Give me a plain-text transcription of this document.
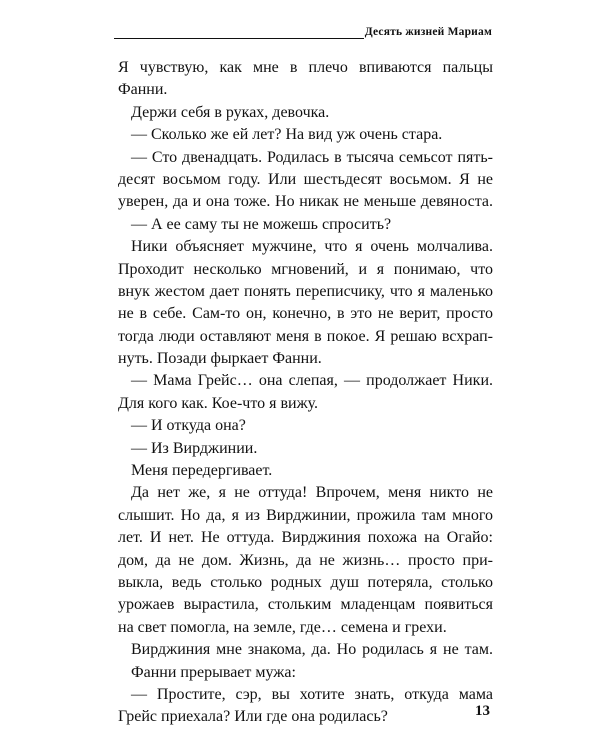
Десять жизней Мариам
Я чувствую, как мне в плечо впиваются пальцы
Фанни.
Держи себя в руках, девочка.
— Сколько же ей лет? На вид уж очень стара.
— Сто двенадцать. Родилась в тысяча семьсот пять-
десят восьмом году. Или шестьдесят восьмом. Я не
уверен, да и она тоже. Но никак не меньше девяноста.
— А ее саму ты не можешь спросить?
Ники объясняет мужчине, что я очень молчалива.
Проходит несколько мгновений, и я понимаю, что
внук жестом дает понять переписчику, что я маленько
не в себе. Сам-то он, конечно, в это не верит, просто
тогда люди оставляют меня в покое. Я решаю всхрап-
нуть. Позади фыркает Фанни.
— Мама Грейс… она слепая, — продолжает Ники.
Для кого как. Кое-что я вижу.
— И откуда она?
— Из Вирджинии.
Меня передергивает.
Да нет же, я не оттуда! Впрочем, меня никто не
слышит. Но да, я из Вирджинии, прожила там много
лет. И нет. Не оттуда. Вирджиния похожа на Огайо:
дом, да не дом. Жизнь, да не жизнь… просто при-
выкла, ведь столько родных душ потеряла, столько
урожаев вырастила, стольким младенцам появиться
на свет помогла, на земле, где… семена и грехи.
Вирджиния мне знакома, да. Но родилась я не там.
Фанни прерывает мужа:
— Простите, сэр, вы хотите знать, откуда мама
Грейс приехала? Или где она родилась?	13
